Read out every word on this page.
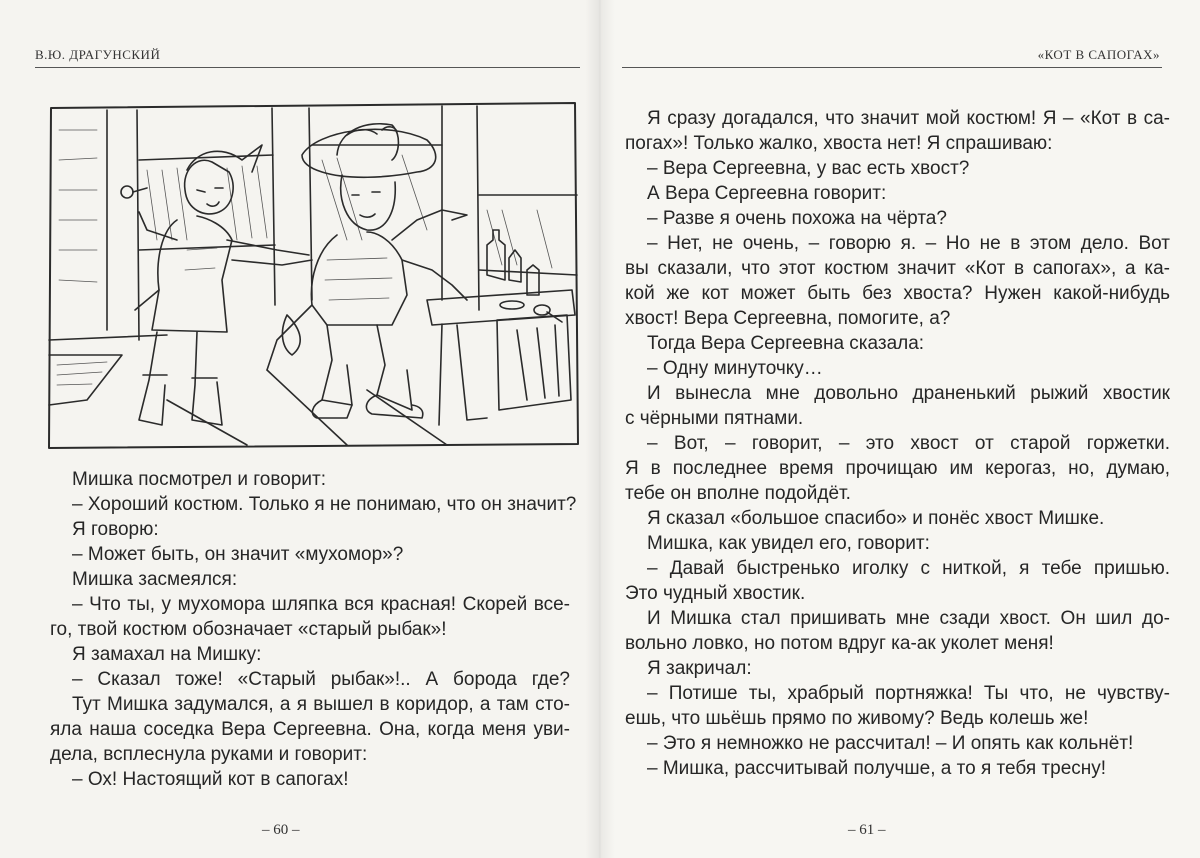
В.Ю. ДРАГУНСКИЙ
Мишка посмотрел и говорит:
– Хороший костюм. Только я не понимаю, что он значит?
Я говорю:
– Может быть, он значит «мухомор»?
Мишка засмеялся:
– Что ты, у мухомора шляпка вся красная! Скорей все-
го, твой костюм обозначает «старый рыбак»!
Я замахал на Мишку:
– Сказал тоже! «Старый рыбак»!.. А борода где?
Тут Мишка задумался, а я вышел в коридор, а там сто-
яла наша соседка Вера Сергеевна. Она, когда меня уви-
дела, всплеснула руками и говорит:
– Ох! Настоящий кот в сапогах!
– 60 –
«КОТ В САПОГАХ»
Я сразу догадался, что значит мой костюм! Я – «Кот в са-
погах»! Только жалко, хвоста нет! Я спрашиваю:
– Вера Сергеевна, у вас есть хвост?
А Вера Сергеевна говорит:
– Разве я очень похожа на чёрта?
– Нет, не очень, – говорю я. – Но не в этом дело. Вот
вы сказали, что этот костюм значит «Кот в сапогах», а ка-
кой же кот может быть без хвоста? Нужен какой-нибудь
хвост! Вера Сергеевна, помогите, а?
Тогда Вера Сергеевна сказала:
– Одну минуточку…
И вынесла мне довольно драненький рыжий хвостик
с чёрными пятнами.
– Вот, – говорит, – это хвост от старой горжетки.
Я в последнее время прочищаю им керогаз, но, думаю,
тебе он вполне подойдёт.
Я сказал «большое спасибо» и понёс хвост Мишке.
Мишка, как увидел его, говорит:
– Давай быстренько иголку с ниткой, я тебе пришью.
Это чудный хвостик.
И Мишка стал пришивать мне сзади хвост. Он шил до-
вольно ловко, но потом вдруг ка-ак уколет меня!
Я закричал:
– Потише ты, храбрый портняжка! Ты что, не чувству-
ешь, что шьёшь прямо по живому? Ведь колешь же!
– Это я немножко не рассчитал! – И опять как кольнёт!
– Мишка, рассчитывай получше, а то я тебя тресну!
– 61 –
